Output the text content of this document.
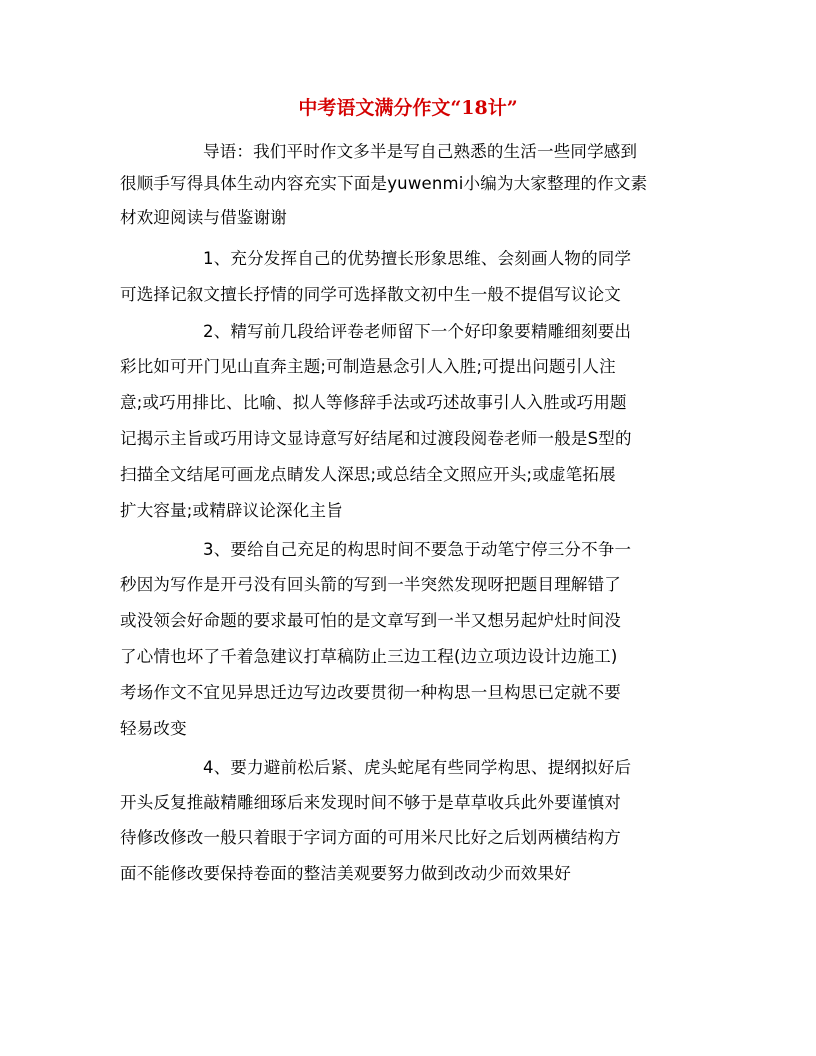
中考语文满分作文“18计”

导语：我们平时作文多半是写自己熟悉的生活一些同学感到

很顺手写得具体生动内容充实下面是yuwenmi小编为大家整理的作文素

材欢迎阅读与借鉴谢谢

1、充分发挥自己的优势擅长形象思维、会刻画人物的同学

可选择记叙文擅长抒情的同学可选择散文初中生一般不提倡写议论文

2、精写前几段给评卷老师留下一个好印象要精雕细刻要出

彩比如可开门见山直奔主题;可制造悬念引人入胜;可提出问题引人注

意;或巧用排比、比喻、拟人等修辞手法或巧述故事引人入胜或巧用题

记揭示主旨或巧用诗文显诗意写好结尾和过渡段阅卷老师一般是S型的

扫描全文结尾可画龙点睛发人深思;或总结全文照应开头;或虚笔拓展

扩大容量;或精辟议论深化主旨

3、要给自己充足的构思时间不要急于动笔宁停三分不争一

秒因为写作是开弓没有回头箭的写到一半突然发现呀把题目理解错了

或没领会好命题的要求最可怕的是文章写到一半又想另起炉灶时间没

了心情也坏了千着急建议打草稿防止三边工程(边立项边设计边施工)

考场作文不宜见异思迁边写边改要贯彻一种构思一旦构思已定就不要

轻易改变

4、要力避前松后紧、虎头蛇尾有些同学构思、提纲拟好后

开头反复推敲精雕细琢后来发现时间不够于是草草收兵此外要谨慎对

待修改修改一般只着眼于字词方面的可用米尺比好之后划两横结构方

面不能修改要保持卷面的整洁美观要努力做到改动少而效果好
